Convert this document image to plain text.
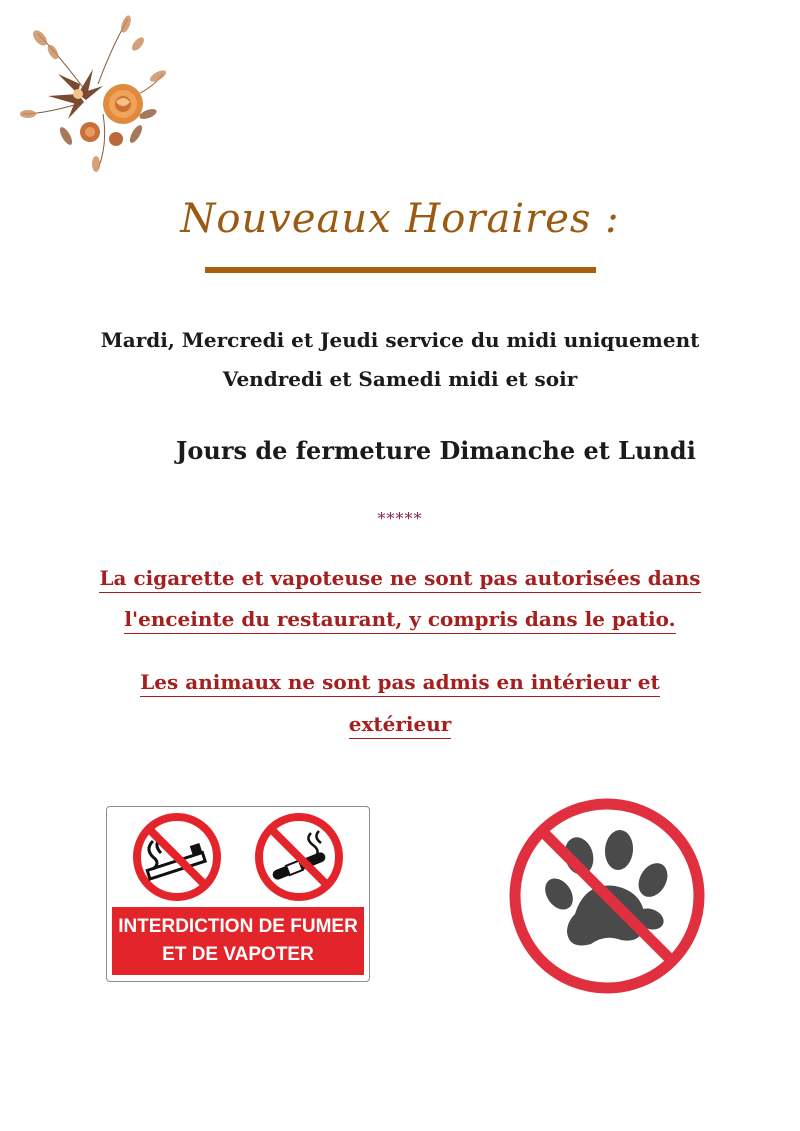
Nouveaux Horaires :
Mardi, Mercredi et Jeudi service du midi uniquement
Vendredi et Samedi midi et soir
Jours de fermeture Dimanche et Lundi
*****
La cigarette et vapoteuse ne sont pas autorisées dans
l'enceinte du restaurant, y compris dans le patio.
Les animaux ne sont pas admis en intérieur et
extérieur
INTERDICTION DE FUMER
ET DE VAPOTER
